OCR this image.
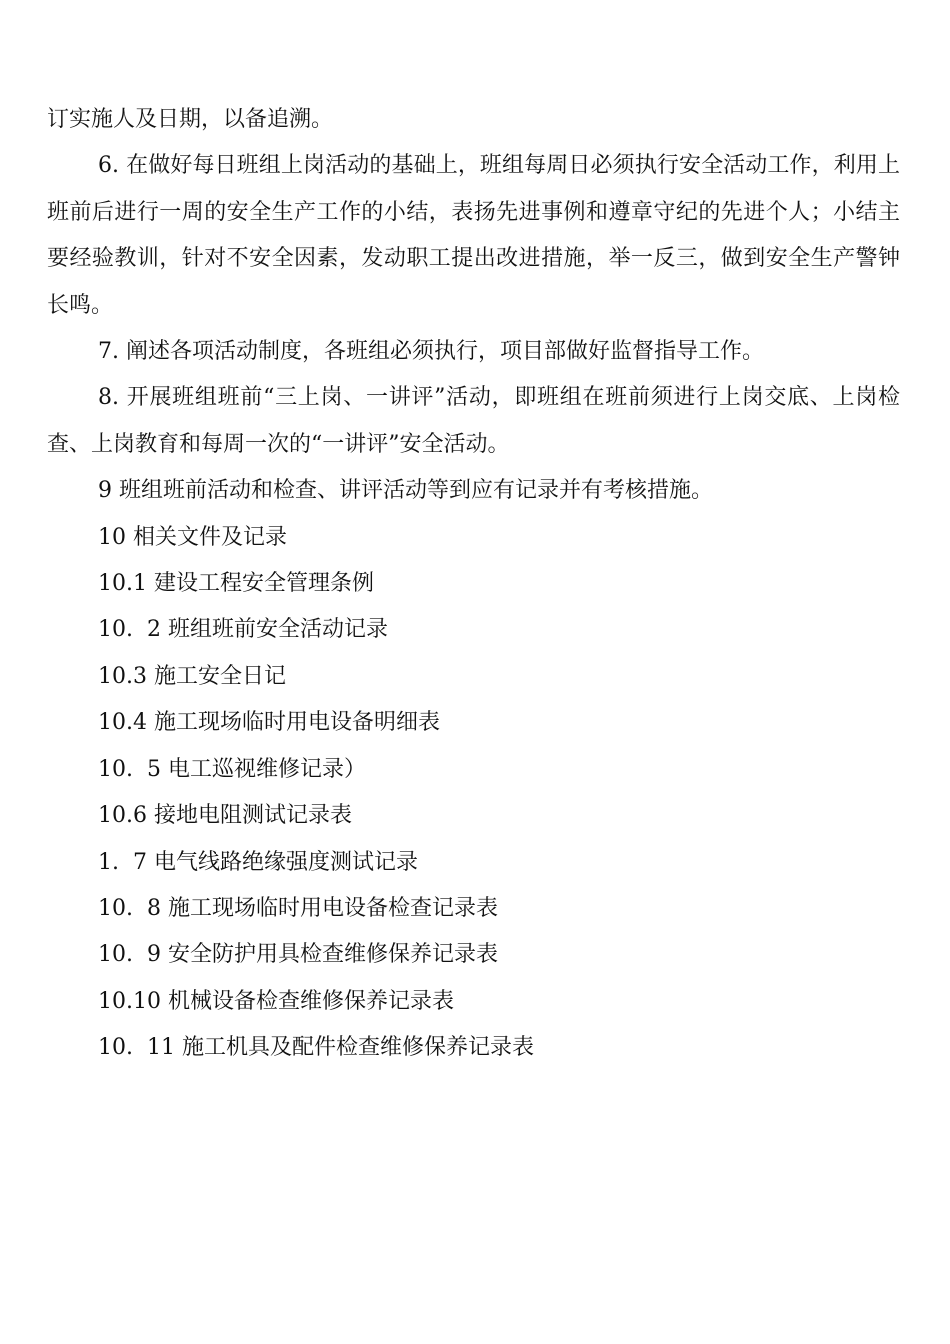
订实施人及日期，以备追溯。

6. 在做好每日班组上岗活动的基础上，班组每周日必须执行安全活动工作，利用上班前后进行一周的安全生产工作的小结，表扬先进事例和遵章守纪的先进个人；小结主要经验教训，针对不安全因素，发动职工提出改进措施，举一反三，做到安全生产警钟长鸣。

7. 阐述各项活动制度，各班组必须执行，项目部做好监督指导工作。

8. 开展班组班前“三上岗、一讲评”活动，即班组在班前须进行上岗交底、上岗检查、上岗教育和每周一次的“一讲评”安全活动。

9 班组班前活动和检查、讲评活动等到应有记录并有考核措施。

10 相关文件及记录

10.1 建设工程安全管理条例

10.  2 班组班前安全活动记录

10.3 施工安全日记

10.4 施工现场临时用电设备明细表

10.  5 电工巡视维修记录）

10.6 接地电阻测试记录表

1.  7 电气线路绝缘强度测试记录

10.  8 施工现场临时用电设备检查记录表

10.  9 安全防护用具检查维修保养记录表

10.10 机械设备检查维修保养记录表

10.  11 施工机具及配件检查维修保养记录表
